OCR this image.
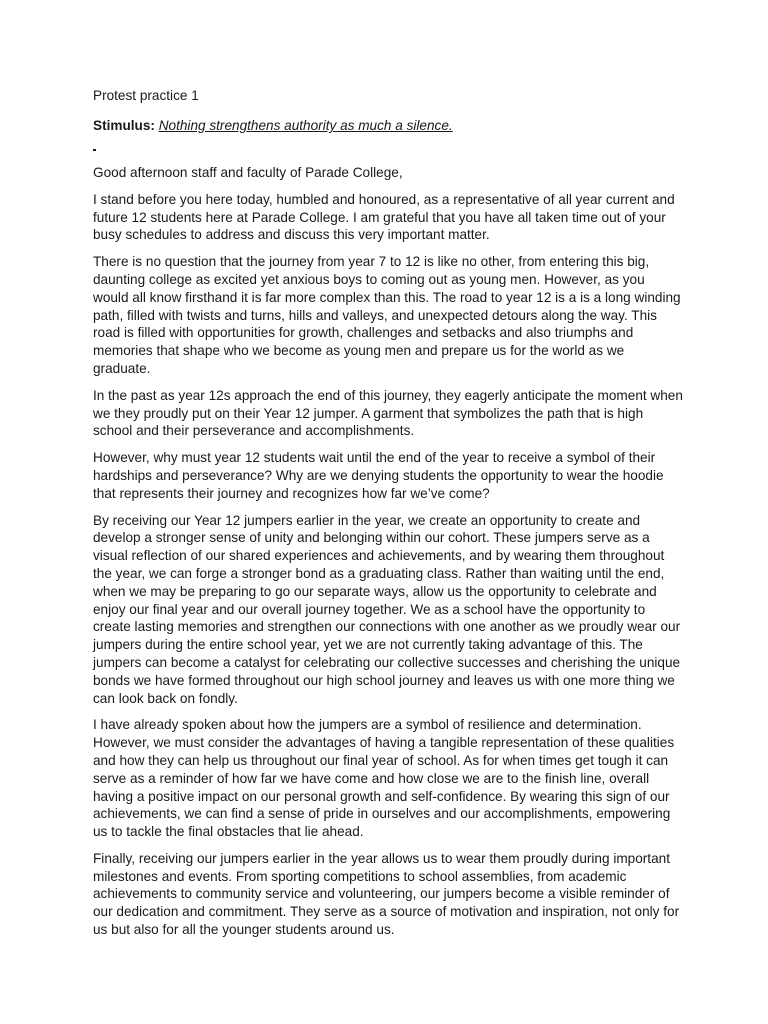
Protest practice 1
Stimulus: Nothing strengthens authority as much a silence.

Good afternoon staff and faculty of Parade College,

I stand before you here today, humbled and honoured, as a representative of all year current and future 12 students here at Parade College. I am grateful that you have all taken time out of your busy schedules to address and discuss this very important matter.

There is no question that the journey from year 7 to 12 is like no other, from entering this big, daunting college as excited yet anxious boys to coming out as young men. However, as you would all know firsthand it is far more complex than this. The road to year 12 is a is a long winding path, filled with twists and turns, hills and valleys, and unexpected detours along the way. This road is filled with opportunities for growth, challenges and setbacks and also triumphs and memories that shape who we become as young men and prepare us for the world as we graduate.

In the past as year 12s approach the end of this journey, they eagerly anticipate the moment when we they proudly put on their Year 12 jumper. A garment that symbolizes the path that is high school and their perseverance and accomplishments.

However, why must year 12 students wait until the end of the year to receive a symbol of their hardships and perseverance? Why are we denying students the opportunity to wear the hoodie that represents their journey and recognizes how far we’ve come?

By receiving our Year 12 jumpers earlier in the year, we create an opportunity to create and develop a stronger sense of unity and belonging within our cohort. These jumpers serve as a visual reflection of our shared experiences and achievements, and by wearing them throughout the year, we can forge a stronger bond as a graduating class. Rather than waiting until the end, when we may be preparing to go our separate ways, allow us the opportunity to celebrate and enjoy our final year and our overall journey together. We as a school have the opportunity to create lasting memories and strengthen our connections with one another as we proudly wear our jumpers during the entire school year, yet we are not currently taking advantage of this. The jumpers can become a catalyst for celebrating our collective successes and cherishing the unique bonds we have formed throughout our high school journey and leaves us with one more thing we can look back on fondly.

I have already spoken about how the jumpers are a symbol of resilience and determination. However, we must consider the advantages of having a tangible representation of these qualities and how they can help us throughout our final year of school. As for when times get tough it can serve as a reminder of how far we have come and how close we are to the finish line, overall having a positive impact on our personal growth and self-confidence. By wearing this sign of our achievements, we can find a sense of pride in ourselves and our accomplishments, empowering us to tackle the final obstacles that lie ahead.

Finally, receiving our jumpers earlier in the year allows us to wear them proudly during important milestones and events. From sporting competitions to school assemblies, from academic achievements to community service and volunteering, our jumpers become a visible reminder of our dedication and commitment. They serve as a source of motivation and inspiration, not only for us but also for all the younger students around us.
